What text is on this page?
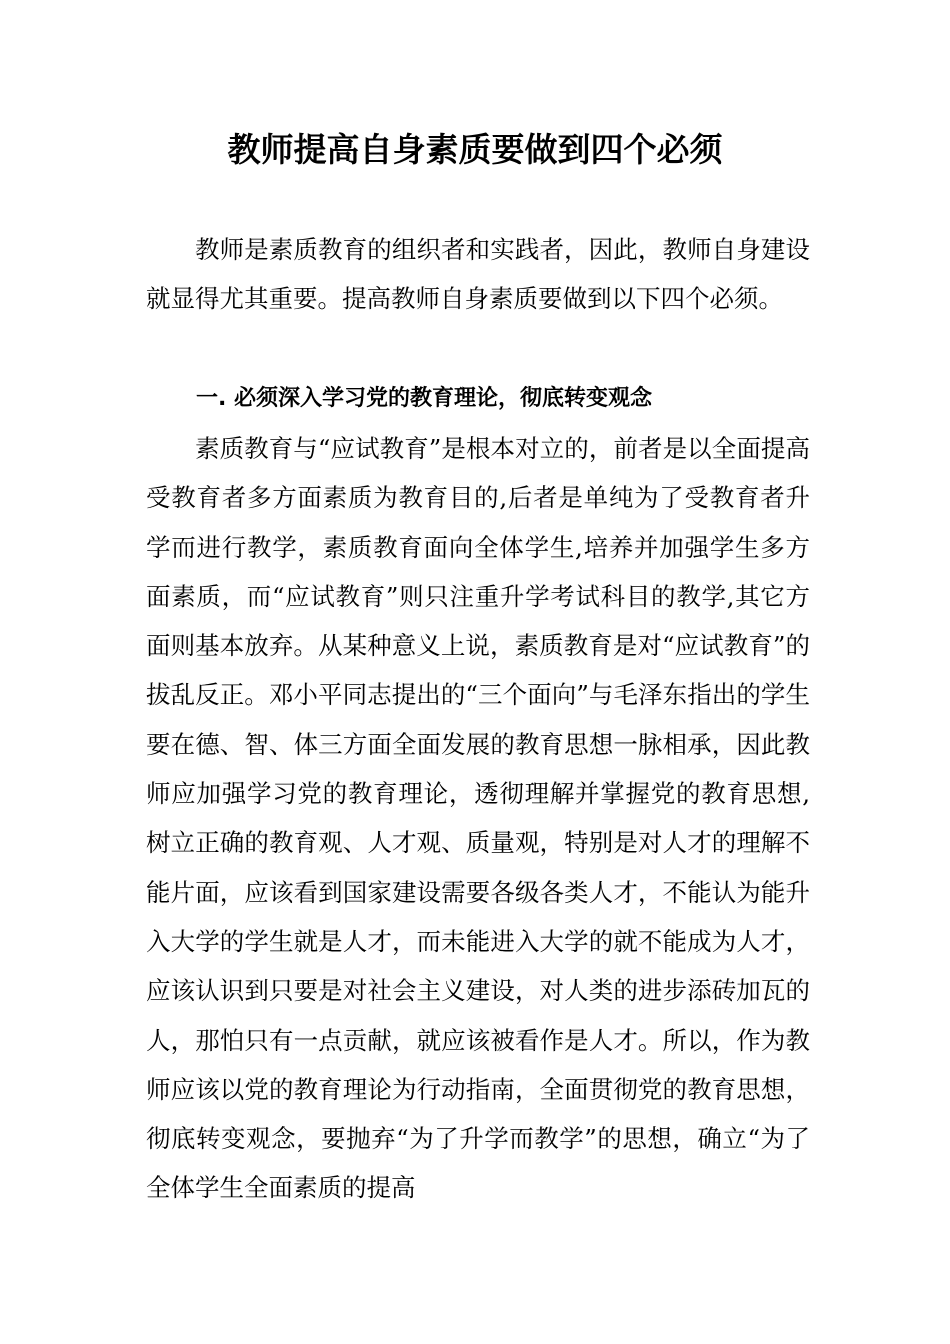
教师提高自身素质要做到四个必须

教师是素质教育的组织者和实践者，因此，教师自身建设就显得尤其重要。提高教师自身素质要做到以下四个必须。

一. 必须深入学习党的教育理论，彻底转变观念

素质教育与“应试教育”是根本对立的，前者是以全面提高受教育者多方面素质为教育目的,后者是单纯为了受教育者升学而进行教学，素质教育面向全体学生,培养并加强学生多方面素质，而“应试教育”则只注重升学考试科目的教学,其它方面则基本放弃。从某种意义上说，素质教育是对“应试教育”的拔乱反正。邓小平同志提出的“三个面向”与毛泽东指出的学生要在德、智、体三方面全面发展的教育思想一脉相承，因此教师应加强学习党的教育理论，透彻理解并掌握党的教育思想,树立正确的教育观、人才观、质量观，特别是对人才的理解不能片面，应该看到国家建设需要各级各类人才，不能认为能升入大学的学生就是人才，而未能进入大学的就不能成为人才，应该认识到只要是对社会主义建设，对人类的进步添砖加瓦的人，那怕只有一点贡献，就应该被看作是人才。所以，作为教师应该以党的教育理论为行动指南，全面贯彻党的教育思想，彻底转变观念，要抛弃“为了升学而教学”的思想，确立“为了全体学生全面素质的提高
